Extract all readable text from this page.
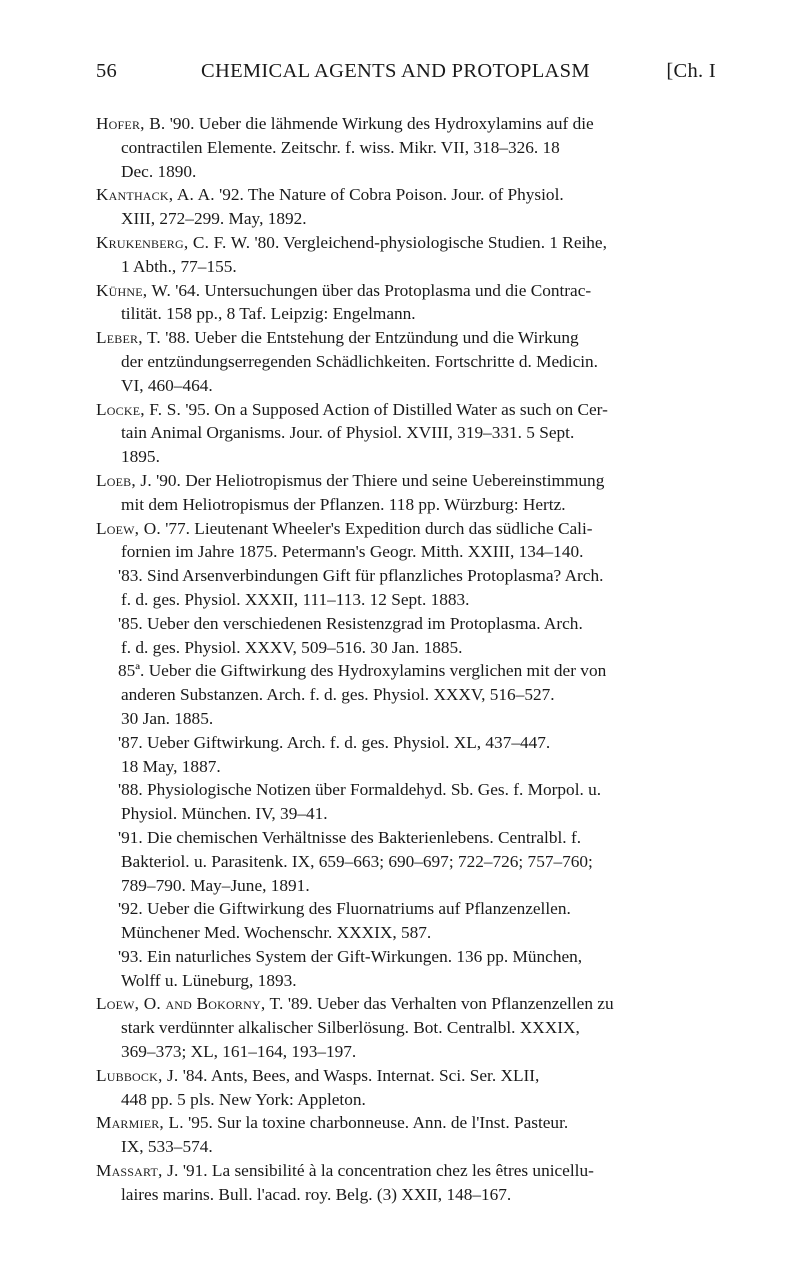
56	CHEMICAL AGENTS AND PROTOPLASM	[Ch. I
Hofer, B. '90. Ueber die lähmende Wirkung des Hydroxylamins auf die
contractilen Elemente. Zeitschr. f. wiss. Mikr. VII, 318–326. 18
Dec. 1890.
Kanthack, A. A. '92. The Nature of Cobra Poison. Jour. of Physiol.
XIII, 272–299. May, 1892.
Krukenberg, C. F. W. '80. Vergleichend-physiologische Studien. 1 Reihe,
1 Abth., 77–155.
Kühne, W. '64. Untersuchungen über das Protoplasma und die Contrac-
tilität. 158 pp., 8 Taf. Leipzig: Engelmann.
Leber, T. '88. Ueber die Entstehung der Entzündung und die Wirkung
der entzündungserregenden Schädlichkeiten. Fortschritte d. Medicin.
VI, 460–464.
Locke, F. S. '95. On a Supposed Action of Distilled Water as such on Cer-
tain Animal Organisms. Jour. of Physiol. XVIII, 319–331. 5 Sept.
1895.
Loeb, J. '90. Der Heliotropismus der Thiere und seine Uebereinstimmung
mit dem Heliotropismus der Pflanzen. 118 pp. Würzburg: Hertz.
Loew, O. '77. Lieutenant Wheeler's Expedition durch das südliche Cali-
fornien im Jahre 1875. Petermann's Geogr. Mitth. XXIII, 134–140.
'83. Sind Arsenverbindungen Gift für pflanzliches Protoplasma? Arch.
f. d. ges. Physiol. XXXII, 111–113. 12 Sept. 1883.
'85. Ueber den verschiedenen Resistenzgrad im Protoplasma. Arch.
f. d. ges. Physiol. XXXV, 509–516. 30 Jan. 1885.
85ª. Ueber die Giftwirkung des Hydroxylamins verglichen mit der von
anderen Substanzen. Arch. f. d. ges. Physiol. XXXV, 516–527.
30 Jan. 1885.
'87. Ueber Giftwirkung. Arch. f. d. ges. Physiol. XL, 437–447.
18 May, 1887.
'88. Physiologische Notizen über Formaldehyd. Sb. Ges. f. Morpol. u.
Physiol. München. IV, 39–41.
'91. Die chemischen Verhältnisse des Bakterienlebens. Centralbl. f.
Bakteriol. u. Parasitenk. IX, 659–663; 690–697; 722–726; 757–760;
789–790. May–June, 1891.
'92. Ueber die Giftwirkung des Fluornatriums auf Pflanzenzellen.
Münchener Med. Wochenschr. XXXIX, 587.
'93. Ein naturliches System der Gift-Wirkungen. 136 pp. München,
Wolff u. Lüneburg, 1893.
Loew, O. and Bokorny, T. '89. Ueber das Verhalten von Pflanzenzellen zu
stark verdünnter alkalischer Silberlösung. Bot. Centralbl. XXXIX,
369–373; XL, 161–164, 193–197.
Lubbock, J. '84. Ants, Bees, and Wasps. Internat. Sci. Ser. XLII,
448 pp. 5 pls. New York: Appleton.
Marmier, L. '95. Sur la toxine charbonneuse. Ann. de l'Inst. Pasteur.
IX, 533–574.
Massart, J. '91. La sensibilité à la concentration chez les êtres unicellu-
laires marins. Bull. l'acad. roy. Belg. (3) XXII, 148–167.
